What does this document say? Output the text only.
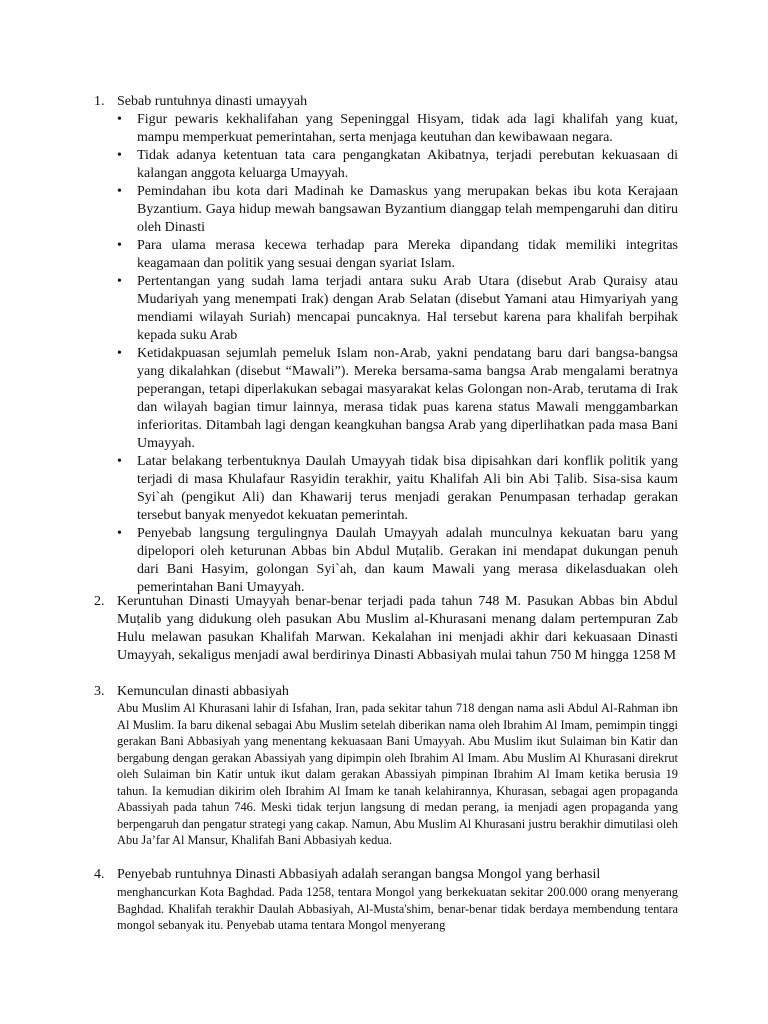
1. Sebab runtuhnya dinasti umayyah
• Figur pewaris kekhalifahan yang Sepeninggal Hisyam, tidak ada lagi khalifah yang kuat, mampu memperkuat pemerintahan, serta menjaga keutuhan dan kewibawaan negara.
• Tidak adanya ketentuan tata cara pengangkatan Akibatnya, terjadi perebutan kekuasaan di kalangan anggota keluarga Umayyah.
• Pemindahan ibu kota dari Madinah ke Damaskus yang merupakan bekas ibu kota Kerajaan Byzantium. Gaya hidup mewah bangsawan Byzantium dianggap telah mempengaruhi dan ditiru oleh Dinasti
• Para ulama merasa kecewa terhadap para Mereka dipandang tidak memiliki integritas keagamaan dan politik yang sesuai dengan syariat Islam.
• Pertentangan yang sudah lama terjadi antara suku Arab Utara (disebut Arab Quraisy atau Mudariyah yang menempati Irak) dengan Arab Selatan (disebut Yamani atau Himyariyah yang mendiami wilayah Suriah) mencapai puncaknya. Hal tersebut karena para khalifah berpihak kepada suku Arab
• Ketidakpuasan sejumlah pemeluk Islam non-Arab, yakni pendatang baru dari bangsa-bangsa yang dikalahkan (disebut “Mawali”). Mereka bersama-sama bangsa Arab mengalami beratnya peperangan, tetapi diperlakukan sebagai masyarakat kelas Golongan non-Arab, terutama di Irak dan wilayah bagian timur lainnya, merasa tidak puas karena status Mawali menggambarkan inferioritas. Ditambah lagi dengan keangkuhan bangsa Arab yang diperlihatkan pada masa Bani Umayyah.
• Latar belakang terbentuknya Daulah Umayyah tidak bisa dipisahkan dari konflik politik yang terjadi di masa Khulafaur Rasyidin terakhir, yaitu Khalifah Ali bin Abi Ṭalib. Sisa-sisa kaum Syi`ah (pengikut Ali) dan Khawarij terus menjadi gerakan Penumpasan terhadap gerakan tersebut banyak menyedot kekuatan pemerintah.
• Penyebab langsung tergulingnya Daulah Umayyah adalah munculnya kekuatan baru yang dipelopori oleh keturunan Abbas bin Abdul Muṭalib. Gerakan ini mendapat dukungan penuh dari Bani Hasyim, golongan Syi`ah, dan kaum Mawali yang merasa dikelasduakan oleh pemerintahan Bani Umayyah.
2. Keruntuhan Dinasti Umayyah benar-benar terjadi pada tahun 748 M. Pasukan Abbas bin Abdul Muṭalib yang didukung oleh pasukan Abu Muslim al-Khurasani menang dalam pertempuran Zab Hulu melawan pasukan Khalifah Marwan. Kekalahan ini menjadi akhir dari kekuasaan Dinasti Umayyah, sekaligus menjadi awal berdirinya Dinasti Abbasiyah mulai tahun 750 M hingga 1258 M
3. Kemunculan dinasti abbasiyah
Abu Muslim Al Khurasani lahir di Isfahan, Iran, pada sekitar tahun 718 dengan nama asli Abdul Al-Rahman ibn Al Muslim. Ia baru dikenal sebagai Abu Muslim setelah diberikan nama oleh Ibrahim Al Imam, pemimpin tinggi gerakan Bani Abbasiyah yang menentang kekuasaan Bani Umayyah. Abu Muslim ikut Sulaiman bin Katir dan bergabung dengan gerakan Abassiyah yang dipimpin oleh Ibrahim Al Imam. Abu Muslim Al Khurasani direkrut oleh Sulaiman bin Katir untuk ikut dalam gerakan Abassiyah pimpinan Ibrahim Al Imam ketika berusia 19 tahun. Ia kemudian dikirim oleh Ibrahim Al Imam ke tanah kelahirannya, Khurasan, sebagai agen propaganda Abassiyah pada tahun 746. Meski tidak terjun langsung di medan perang, ia menjadi agen propaganda yang berpengaruh dan pengatur strategi yang cakap. Namun, Abu Muslim Al Khurasani justru berakhir dimutilasi oleh Abu Ja’far Al Mansur, Khalifah Bani Abbasiyah kedua.
4. Penyebab runtuhnya Dinasti Abbasiyah adalah serangan bangsa Mongol yang berhasil
menghancurkan Kota Baghdad. Pada 1258, tentara Mongol yang berkekuatan sekitar 200.000 orang menyerang Baghdad. Khalifah terakhir Daulah Abbasiyah, Al-Musta'shim, benar-benar tidak berdaya membendung tentara mongol sebanyak itu. Penyebab utama tentara Mongol menyerang
